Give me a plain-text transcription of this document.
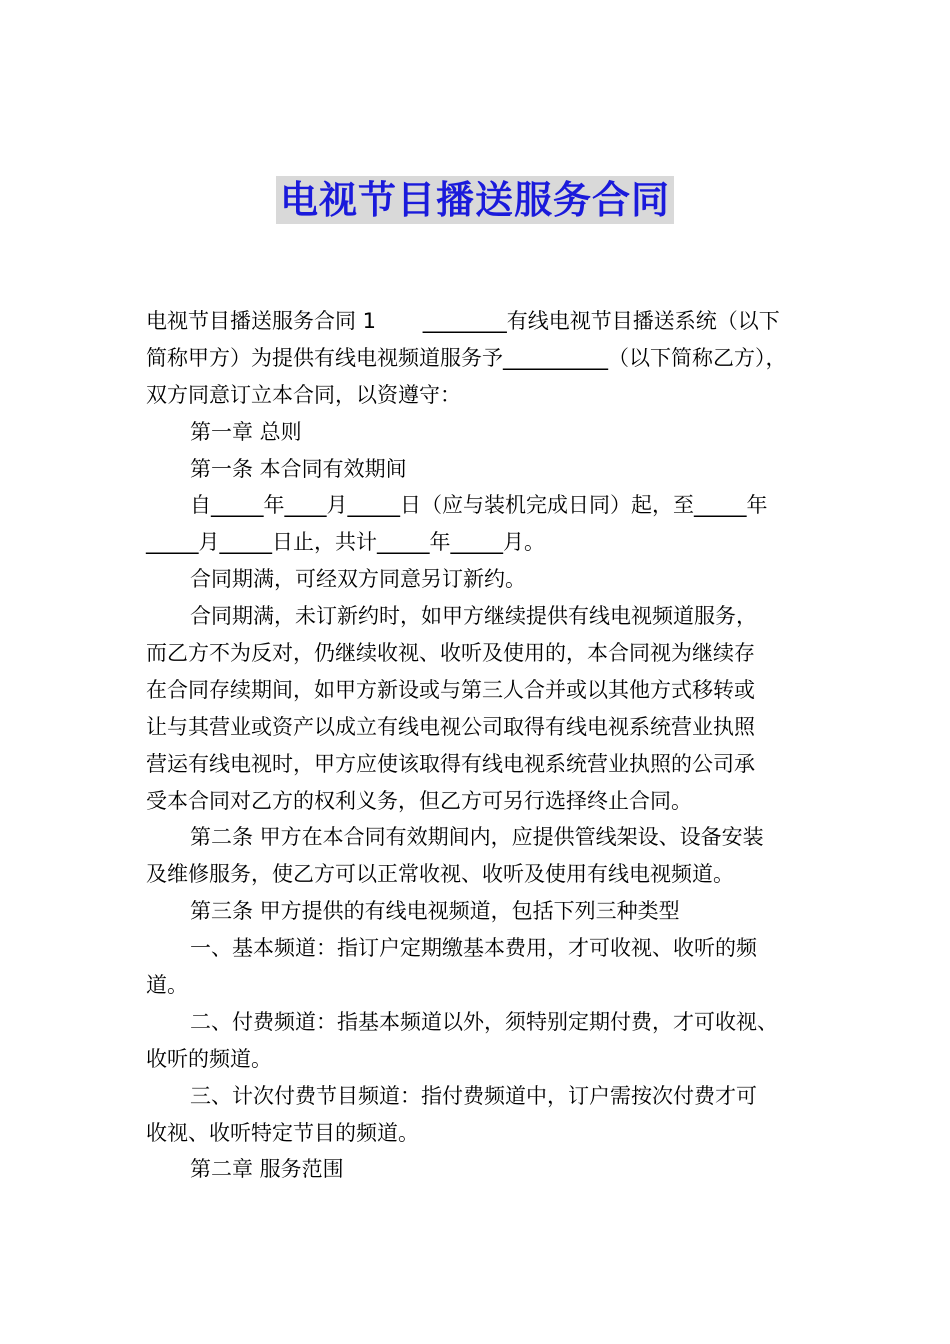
电视节目播送服务合同
电视节目播送服务合同 1       ________有线电视节目播送系统（以下
简称甲方）为提供有线电视频道服务予__________（以下简称乙方），
双方同意订立本合同，以资遵守：
第一章 总则
第一条 本合同有效期间
自_____年____月_____日（应与装机完成日同）起，至_____年
_____月_____日止，共计_____年_____月。
合同期满，可经双方同意另订新约。
合同期满，未订新约时，如甲方继续提供有线电视频道服务，
而乙方不为反对，仍继续收视、收听及使用的，本合同视为继续存
在合同存续期间，如甲方新设或与第三人合并或以其他方式移转或
让与其营业或资产以成立有线电视公司取得有线电视系统营业执照
营运有线电视时，甲方应使该取得有线电视系统营业执照的公司承
受本合同对乙方的权利义务，但乙方可另行选择终止合同。
第二条 甲方在本合同有效期间内，应提供管线架设、设备安装
及维修服务，使乙方可以正常收视、收听及使用有线电视频道。
第三条 甲方提供的有线电视频道，包括下列三种类型
一、基本频道：指订户定期缴基本费用，才可收视、收听的频
道。
二、付费频道：指基本频道以外，须特别定期付费，才可收视、
收听的频道。
三、计次付费节目频道：指付费频道中，订户需按次付费才可
收视、收听特定节目的频道。
第二章 服务范围
